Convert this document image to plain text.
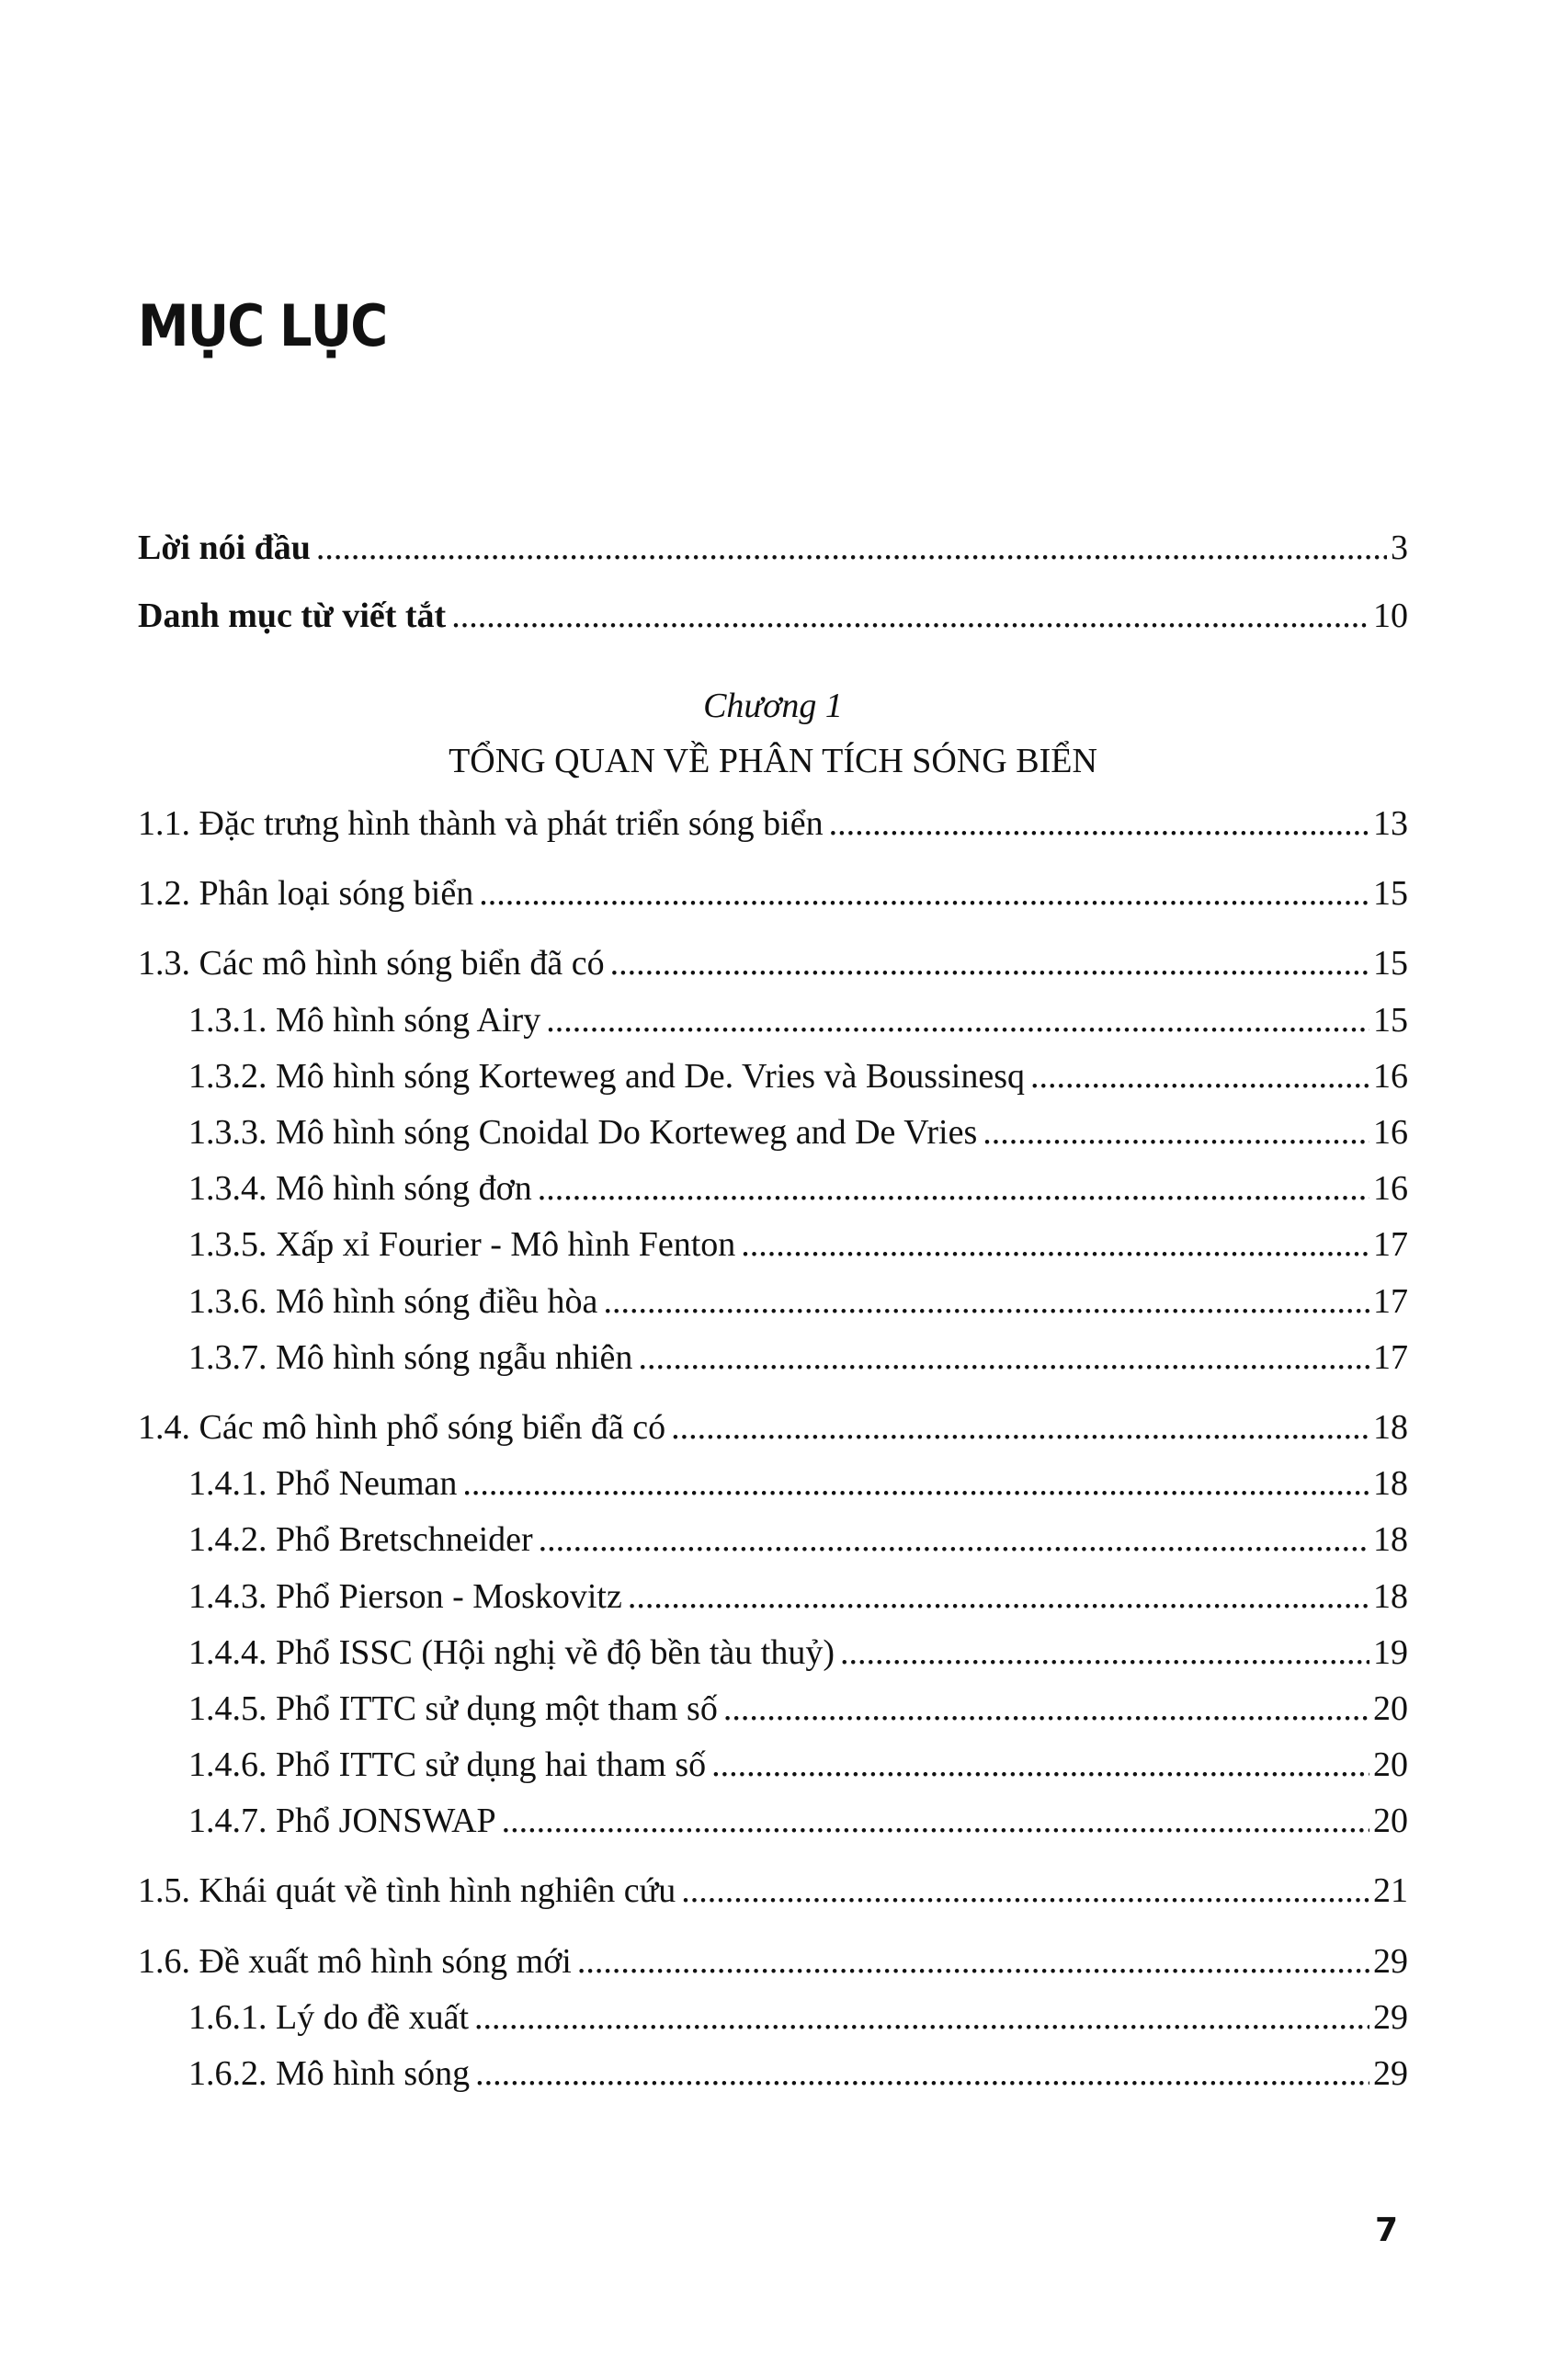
MỤC LỤC
Lời nói đầu .....	3
Danh mục từ viết tắt .....	10
Chương 1
TỔNG QUAN VỀ PHÂN TÍCH SÓNG BIỂN
1.1. Đặc trưng hình thành và phát triển sóng biển .....	13
1.2. Phân loại sóng biển .....	15
1.3. Các mô hình sóng biển đã có .....	15
1.3.1. Mô hình sóng Airy .....	15
1.3.2. Mô hình sóng Korteweg and De. Vries và Boussinesq .....	16
1.3.3. Mô hình sóng Cnoidal Do Korteweg and De Vries .....	16
1.3.4. Mô hình sóng đơn .....	16
1.3.5. Xấp xỉ Fourier - Mô hình Fenton .....	17
1.3.6. Mô hình sóng điều hòa .....	17
1.3.7. Mô hình sóng ngẫu nhiên .....	17
1.4. Các mô hình phổ sóng biển đã có .....	18
1.4.1. Phổ Neuman .....	18
1.4.2. Phổ Bretschneider .....	18
1.4.3. Phổ Pierson - Moskovitz .....	18
1.4.4. Phổ ISSC (Hội nghị về độ bền tàu thuỷ) .....	19
1.4.5. Phổ ITTC sử dụng một tham số .....	20
1.4.6. Phổ ITTC sử dụng hai tham số .....	20
1.4.7. Phổ JONSWAP .....	20
1.5. Khái quát về tình hình nghiên cứu .....	21
1.6. Đề xuất mô hình sóng mới .....	29
1.6.1. Lý do đề xuất .....	29
1.6.2. Mô hình sóng .....	29
7
